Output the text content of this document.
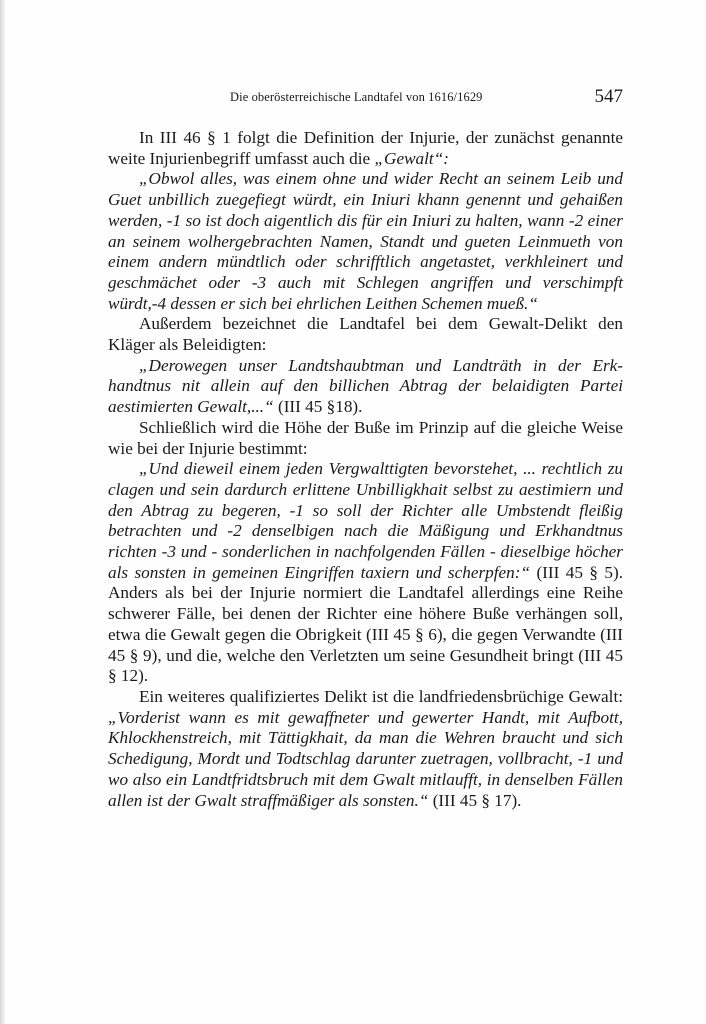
Die oberösterreichische Landtafel von 1616/1629	547

In III 46 § 1 folgt die Definition der Injurie, der zunächst genannte weite Injurienbegriff umfasst auch die „Gewalt“:

„Obwol alles, was einem ohne und wider Recht an seinem Leib und Guet unbillich zuegefiegt würdt, ein Iniuri khann genennt und gehaißen werden, -1 so ist doch aigentlich dis für ein Iniuri zu halten, wann -2 einer an seinem wolhergebrachten Namen, Standt und gueten Leinmueth von einem andern mündtlich oder schrifftlich angetastet, verkhleinert und geschmächet oder -3 auch mit Schlegen angriffen und verschimpft würdt,-4 dessen er sich bei ehrlichen Leithen Schemen mueß.“

Außerdem bezeichnet die Landtafel bei dem Gewalt-Delikt den Kläger als Beleidigten:

„Derowegen unser Landtshaubtman und Landträth in der Erkhandtnus nit allein auf den billichen Abtrag der belaidigten Partei aestimierten Gewalt,...“ (III 45 §18).

Schließlich wird die Höhe der Buße im Prinzip auf die gleiche Weise wie bei der Injurie bestimmt:

„Und dieweil einem jeden Vergwalttigten bevorstehet, ... rechtlich zu clagen und sein dardurch erlittene Unbilligkhait selbst zu aestimiern und den Abtrag zu begeren, -1 so soll der Richter alle Umbstendt fleißig betrachten und -2 denselbigen nach die Mäßigung und Erkhandtnus richten -3 und - sonderlichen in nachfolgenden Fällen - dieselbige höcher als sonsten in gemeinen Eingriffen taxiern und scherpfen:“ (III 45 § 5). Anders als bei der Injurie normiert die Landtafel allerdings eine Reihe schwerer Fälle, bei denen der Richter eine höhere Buße verhängen soll, etwa die Gewalt gegen die Obrigkeit (III 45 § 6), die gegen Verwandte (III 45 § 9), und die, welche den Verletzten um seine Gesundheit bringt (III 45 § 12).

Ein weiteres qualifiziertes Delikt ist die landfriedensbrüchige Gewalt: „Vorderist wann es mit gewaffneter und gewerter Handt, mit Aufbott, Khlockhenstreich, mit Tättigkhait, da man die Wehren braucht und sich Schedigung, Mordt und Todtschlag darunter zuetragen, vollbracht, -1 und wo also ein Landtfridtsbruch mit dem Gwalt mitlaufft, in denselben Fällen allen ist der Gwalt straffmäßiger als sonsten.“ (III 45 § 17).
